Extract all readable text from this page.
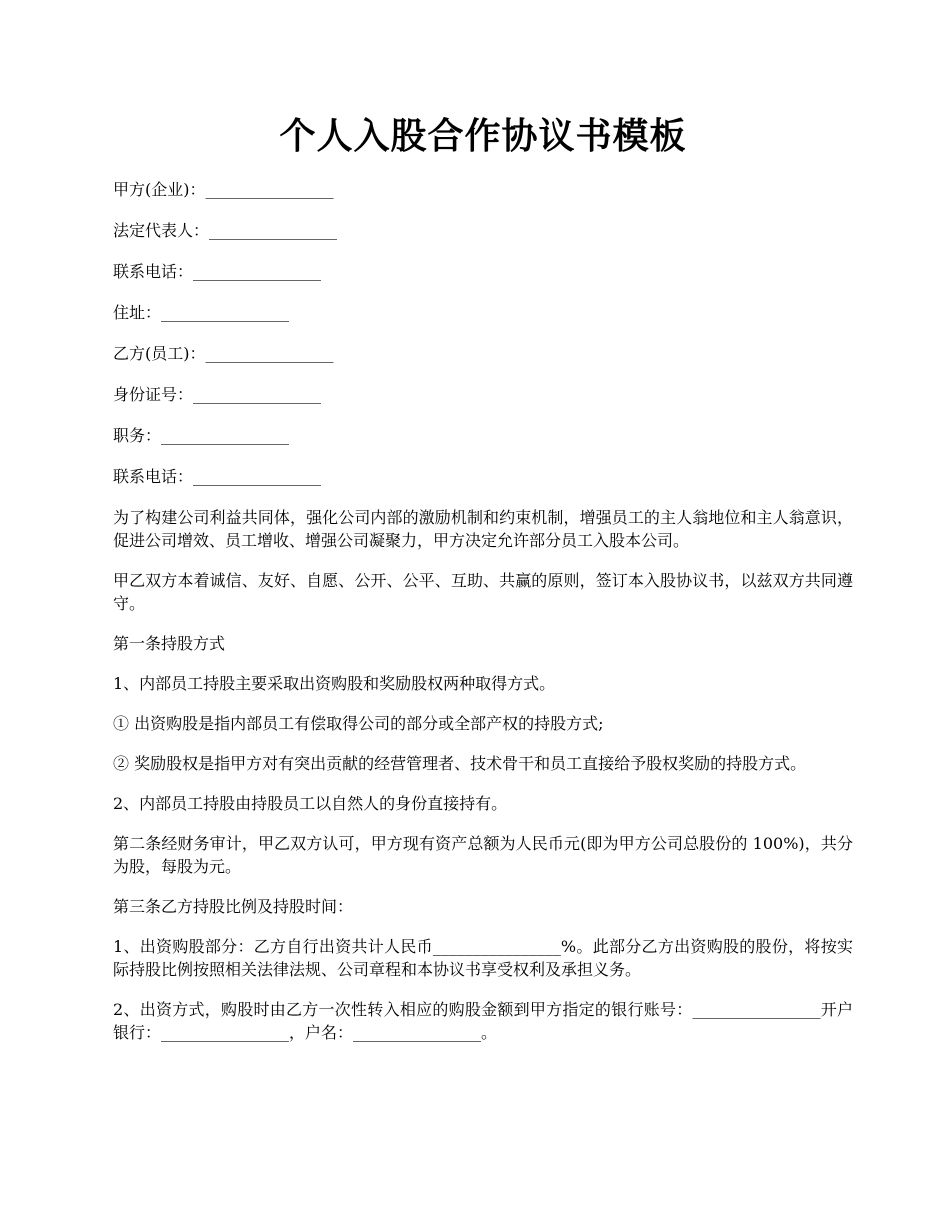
个人入股合作协议书模板

甲方(企业)：________________

法定代表人：________________

联系电话：________________

住址：________________

乙方(员工)：________________

身份证号：________________

职务：________________

联系电话：________________

为了构建公司利益共同体，强化公司内部的激励机制和约束机制，增强员工的主人翁地位和主人翁意识，促进公司增效、员工增收、增强公司凝聚力，甲方决定允许部分员工入股本公司。

甲乙双方本着诚信、友好、自愿、公开、公平、互助、共赢的原则，签订本入股协议书，以兹双方共同遵守。

第一条持股方式

1、内部员工持股主要采取出资购股和奖励股权两种取得方式。

① 出资购股是指内部员工有偿取得公司的部分或全部产权的持股方式;

② 奖励股权是指甲方对有突出贡献的经营管理者、技术骨干和员工直接给予股权奖励的持股方式。

2、内部员工持股由持股员工以自然人的身份直接持有。

第二条经财务审计，甲乙双方认可，甲方现有资产总额为人民币元(即为甲方公司总股份的 100%)，共分为股，每股为元。

第三条乙方持股比例及持股时间：

1、出资购股部分：乙方自行出资共计人民币________________%。此部分乙方出资购股的股份，将按实际持股比例按照相关法律法规、公司章程和本协议书享受权利及承担义务。

2、出资方式，购股时由乙方一次性转入相应的购股金额到甲方指定的银行账号：________________开户银行：________________，户名：________________。
